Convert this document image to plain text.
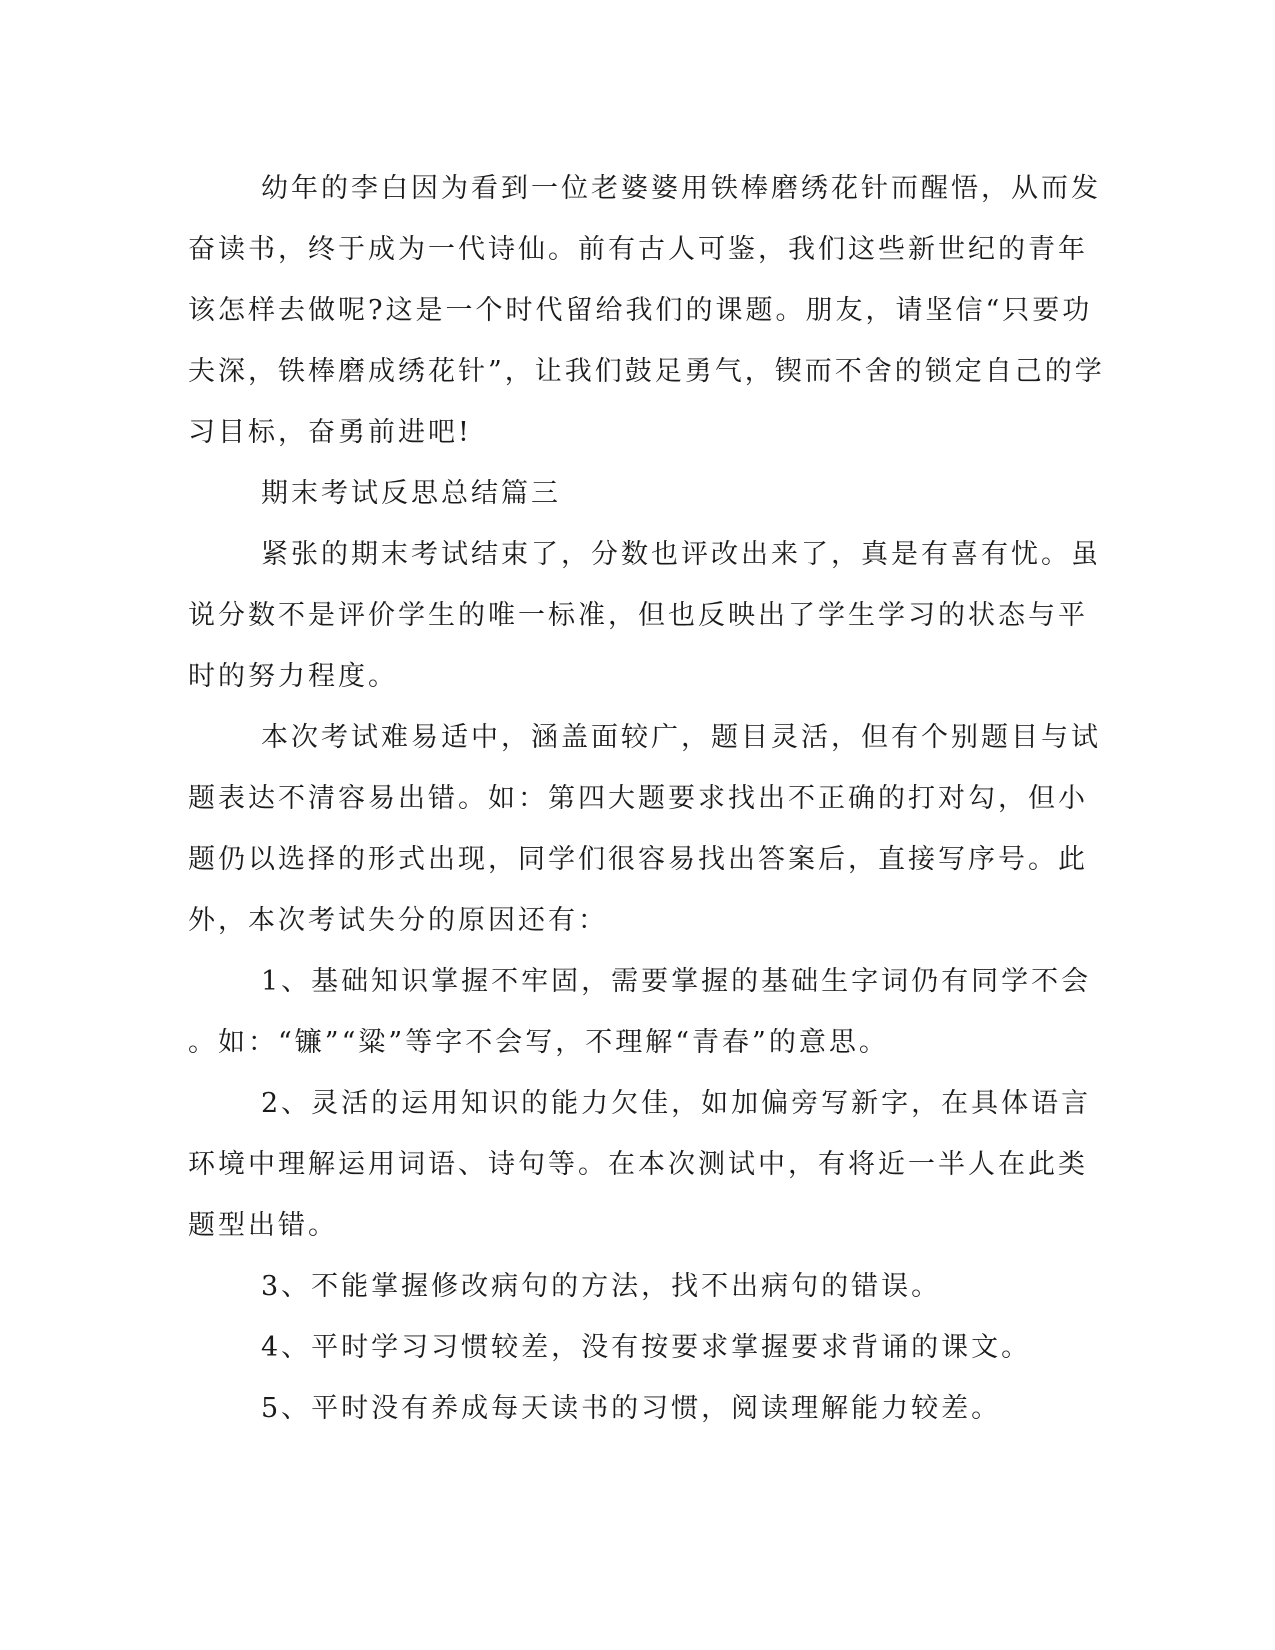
幼年的李白因为看到一位老婆婆用铁棒磨绣花针而醒悟，从而发
奋读书，终于成为一代诗仙。前有古人可鉴，我们这些新世纪的青年
该怎样去做呢?这是一个时代留给我们的课题。朋友，请坚信“只要功
夫深，铁棒磨成绣花针”，让我们鼓足勇气，锲而不舍的锁定自己的学
习目标，奋勇前进吧!
期末考试反思总结篇三
紧张的期末考试结束了，分数也评改出来了，真是有喜有忧。虽
说分数不是评价学生的唯一标准，但也反映出了学生学习的状态与平
时的努力程度。
本次考试难易适中，涵盖面较广，题目灵活，但有个别题目与试
题表达不清容易出错。如：第四大题要求找出不正确的打对勾，但小
题仍以选择的形式出现，同学们很容易找出答案后，直接写序号。此
外，本次考试失分的原因还有：
1、基础知识掌握不牢固，需要掌握的基础生字词仍有同学不会
。如：“镰”“粱”等字不会写，不理解“青春”的意思。
2、灵活的运用知识的能力欠佳，如加偏旁写新字，在具体语言
环境中理解运用词语、诗句等。在本次测试中，有将近一半人在此类
题型出错。
3、不能掌握修改病句的方法，找不出病句的错误。
4、平时学习习惯较差，没有按要求掌握要求背诵的课文。
5、平时没有养成每天读书的习惯，阅读理解能力较差。
